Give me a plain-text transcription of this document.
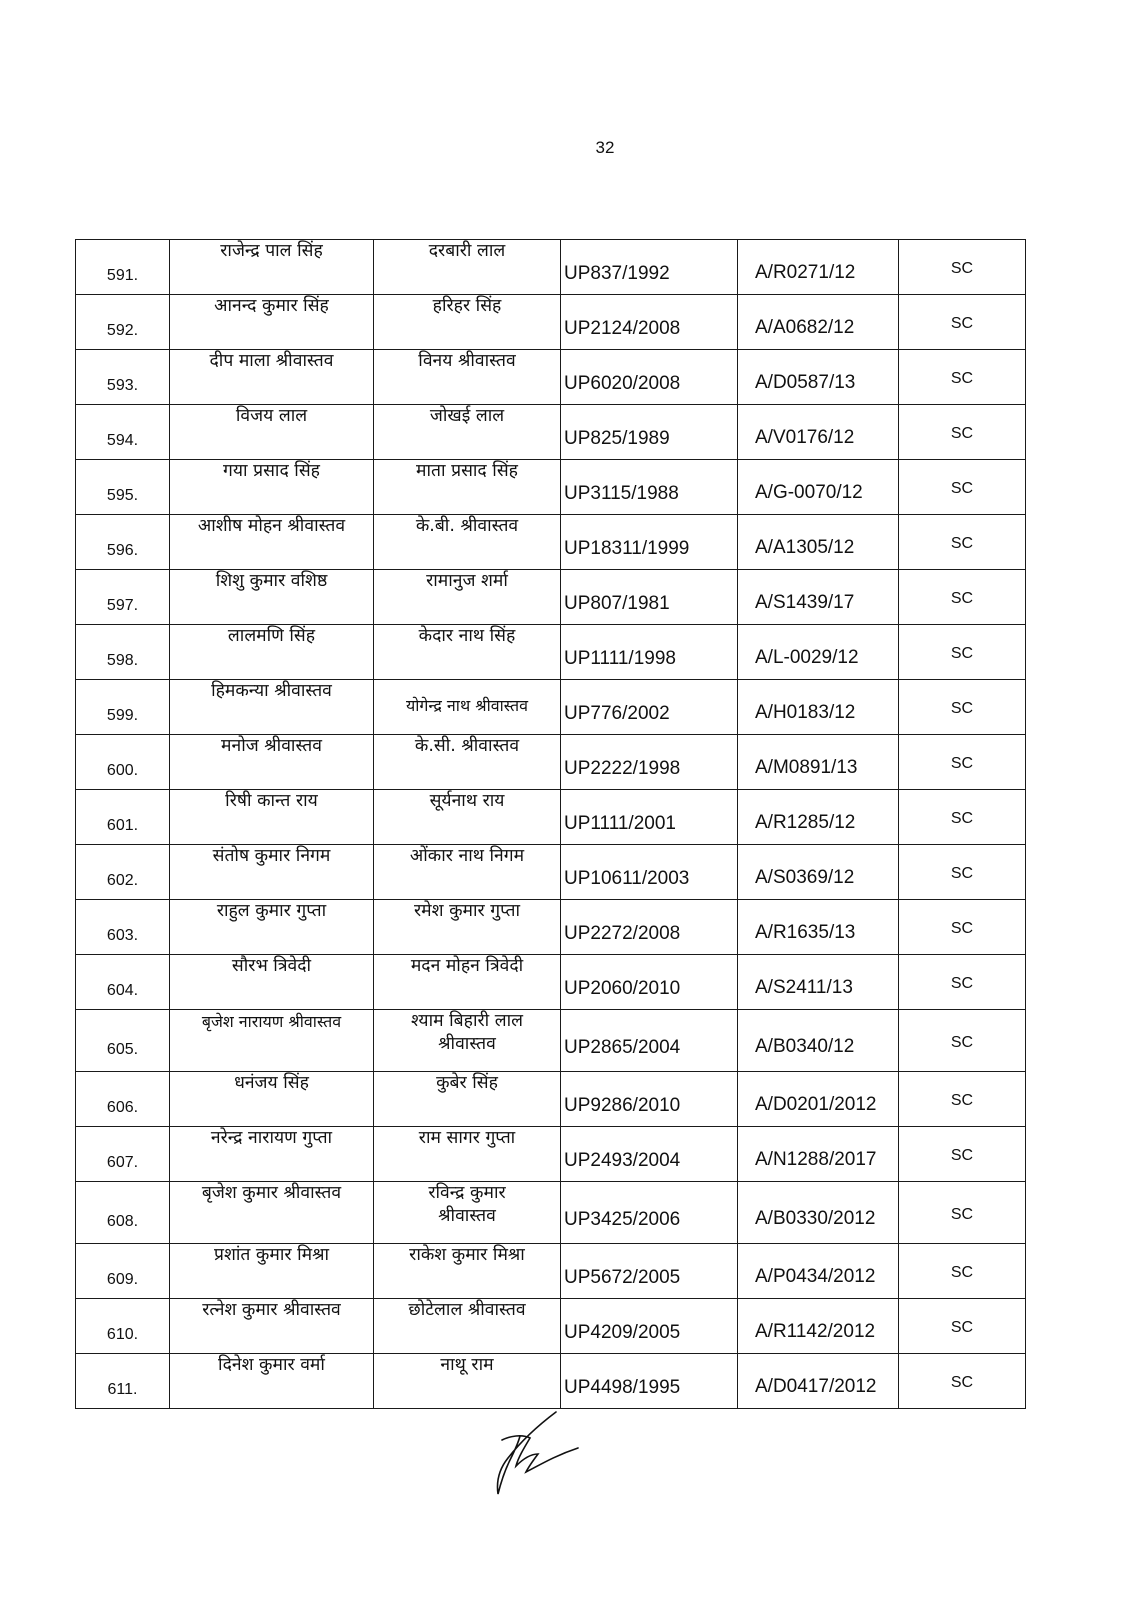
32
591.	राजेन्द्र पाल सिंह	दरबारी लाल	UP837/1992	A/R0271/12	SC
592.	आनन्द कुमार सिंह	हरिहर सिंह	UP2124/2008	A/A0682/12	SC
593.	दीप माला श्रीवास्तव	विनय श्रीवास्तव	UP6020/2008	A/D0587/13	SC
594.	विजय लाल	जोखई लाल	UP825/1989	A/V0176/12	SC
595.	गया प्रसाद सिंह	माता प्रसाद सिंह	UP3115/1988	A/G-0070/12	SC
596.	आशीष मोहन श्रीवास्तव	के.बी. श्रीवास्तव	UP18311/1999	A/A1305/12	SC
597.	शिशु कुमार वशिष्ठ	रामानुज शर्मा	UP807/1981	A/S1439/17	SC
598.	लालमणि सिंह	केदार नाथ सिंह	UP1111/1998	A/L-0029/12	SC
599.	हिमकन्या श्रीवास्तव	योगेन्द्र नाथ श्रीवास्तव	UP776/2002	A/H0183/12	SC
600.	मनोज श्रीवास्तव	के.सी. श्रीवास्तव	UP2222/1998	A/M0891/13	SC
601.	रिषी कान्त राय	सूर्यनाथ राय	UP1111/2001	A/R1285/12	SC
602.	संतोष कुमार निगम	ओंकार नाथ निगम	UP10611/2003	A/S0369/12	SC
603.	राहुल कुमार गुप्ता	रमेश कुमार गुप्ता	UP2272/2008	A/R1635/13	SC
604.	सौरभ त्रिवेदी	मदन मोहन त्रिवेदी	UP2060/2010	A/S2411/13	SC
605.	बृजेश नारायण श्रीवास्तव	श्याम बिहारी लाल श्रीवास्तव	UP2865/2004	A/B0340/12	SC
606.	धनंजय सिंह	कुबेर सिंह	UP9286/2010	A/D0201/2012	SC
607.	नरेन्द्र नारायण गुप्ता	राम सागर गुप्ता	UP2493/2004	A/N1288/2017	SC
608.	बृजेश कुमार श्रीवास्तव	रविन्द्र कुमार श्रीवास्तव	UP3425/2006	A/B0330/2012	SC
609.	प्रशांत कुमार मिश्रा	राकेश कुमार मिश्रा	UP5672/2005	A/P0434/2012	SC
610.	रत्नेश कुमार श्रीवास्तव	छोटेलाल श्रीवास्तव	UP4209/2005	A/R1142/2012	SC
611.	दिनेश कुमार वर्मा	नाथू राम	UP4498/1995	A/D0417/2012	SC
